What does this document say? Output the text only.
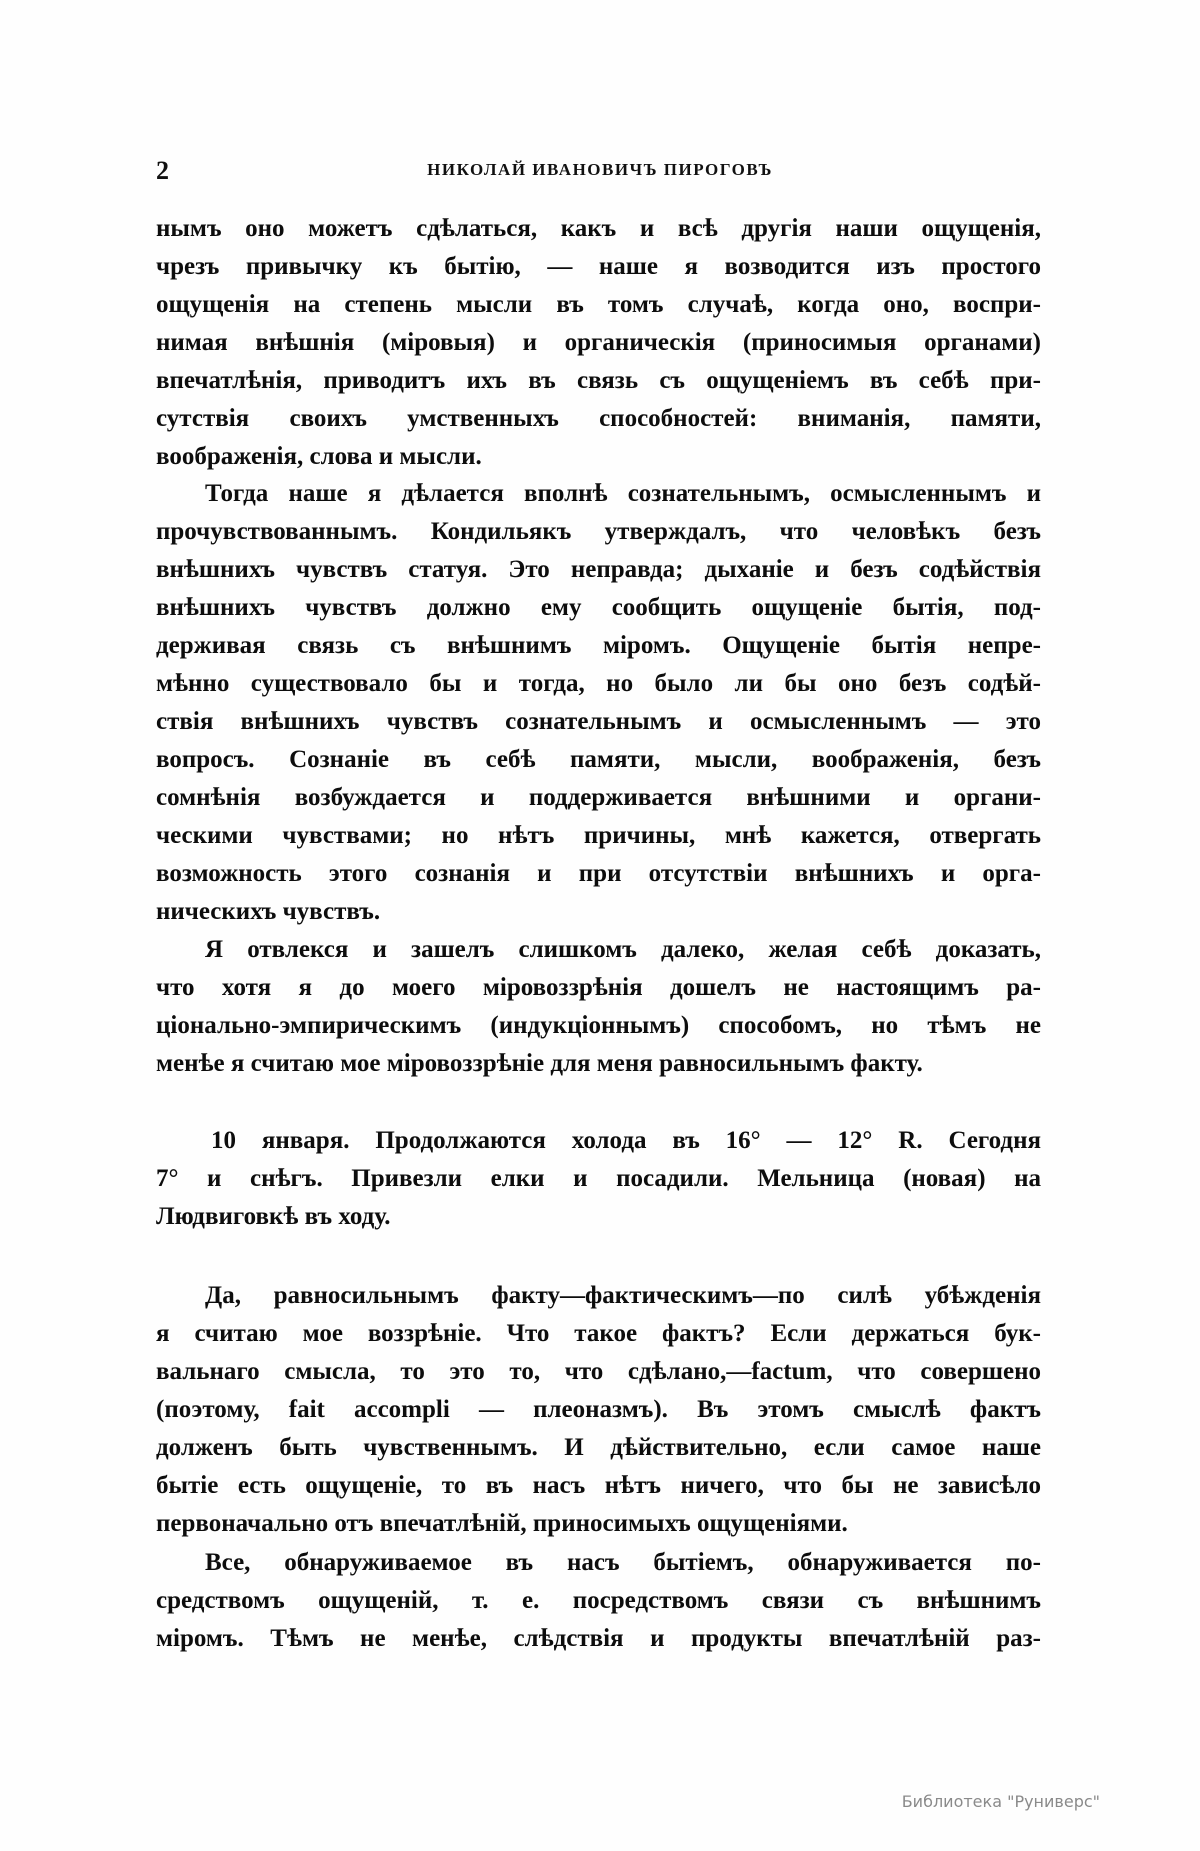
2	НИКОЛАЙ ИВАНОВИЧЪ ПИРОГОВЪ
нымъ оно можетъ сдѣлаться, какъ и всѣ другія наши ощущенія,
чрезъ привычку къ бытію, — наше я возводится изъ простого
ощущенія на степень мысли въ томъ случаѣ, когда оно, воспри-
нимая внѣшнія (міровыя) и органическія (приносимыя органами)
впечатлѣнія, приводитъ ихъ въ связь съ ощущеніемъ въ себѣ при-
сутствія своихъ умственныхъ способностей: вниманія, памяти,
воображенія, слова и мысли.
Тогда наше я дѣлается вполнѣ сознательнымъ, осмысленнымъ и
прочувствованнымъ. Кондильякъ утверждалъ, что человѣкъ безъ
внѣшнихъ чувствъ статуя. Это неправда; дыханіе и безъ содѣйствія
внѣшнихъ чувствъ должно ему сообщить ощущеніе бытія, под-
держивая связь съ внѣшнимъ міромъ. Ощущеніе бытія непре-
мѣнно существовало бы и тогда, но было ли бы оно безъ содѣй-
ствія внѣшнихъ чувствъ сознательнымъ и осмысленнымъ — это
вопросъ. Сознаніе въ себѣ памяти, мысли, воображенія, безъ
сомнѣнія возбуждается и поддерживается внѣшними и органи-
ческими чувствами; но нѣтъ причины, мнѣ кажется, отвергать
возможность этого сознанія и при отсутствіи внѣшнихъ и орга-
ническихъ чувствъ.
Я отвлекся и зашелъ слишкомъ далеко, желая себѣ доказать,
что хотя я до моего міровоззрѣнія дошелъ не настоящимъ ра-
ціонально-эмпирическимъ (индукціоннымъ) способомъ, но тѣмъ не
менѣе я считаю мое міровоззрѣніе для меня равносильнымъ факту.
10 января. Продолжаются холода въ 16° — 12° R. Сегодня
7° и снѣгъ. Привезли елки и посадили. Мельница (новая) на
Людвиговкѣ въ ходу.
Да, равносильнымъ факту—фактическимъ—по силѣ убѣжденія
я считаю мое воззрѣніе. Что такое фактъ? Если держаться бук-
вальнаго смысла, то это то, что сдѣлано,—factum, что совершено
(поэтому, fait accompli — плеоназмъ). Въ этомъ смыслѣ фактъ
долженъ быть чувственнымъ. И дѣйствительно, если самое наше
бытіе есть ощущеніе, то въ насъ нѣтъ ничего, что бы не зависѣло
первоначально отъ впечатлѣній, приносимыхъ ощущеніями.
Все, обнаруживаемое въ насъ бытіемъ, обнаруживается по-
средствомъ ощущеній, т. е. посредствомъ связи съ внѣшнимъ
міромъ. Тѣмъ не менѣе, слѣдствія и продукты впечатлѣній раз-
Библиотека "Руниверс"
